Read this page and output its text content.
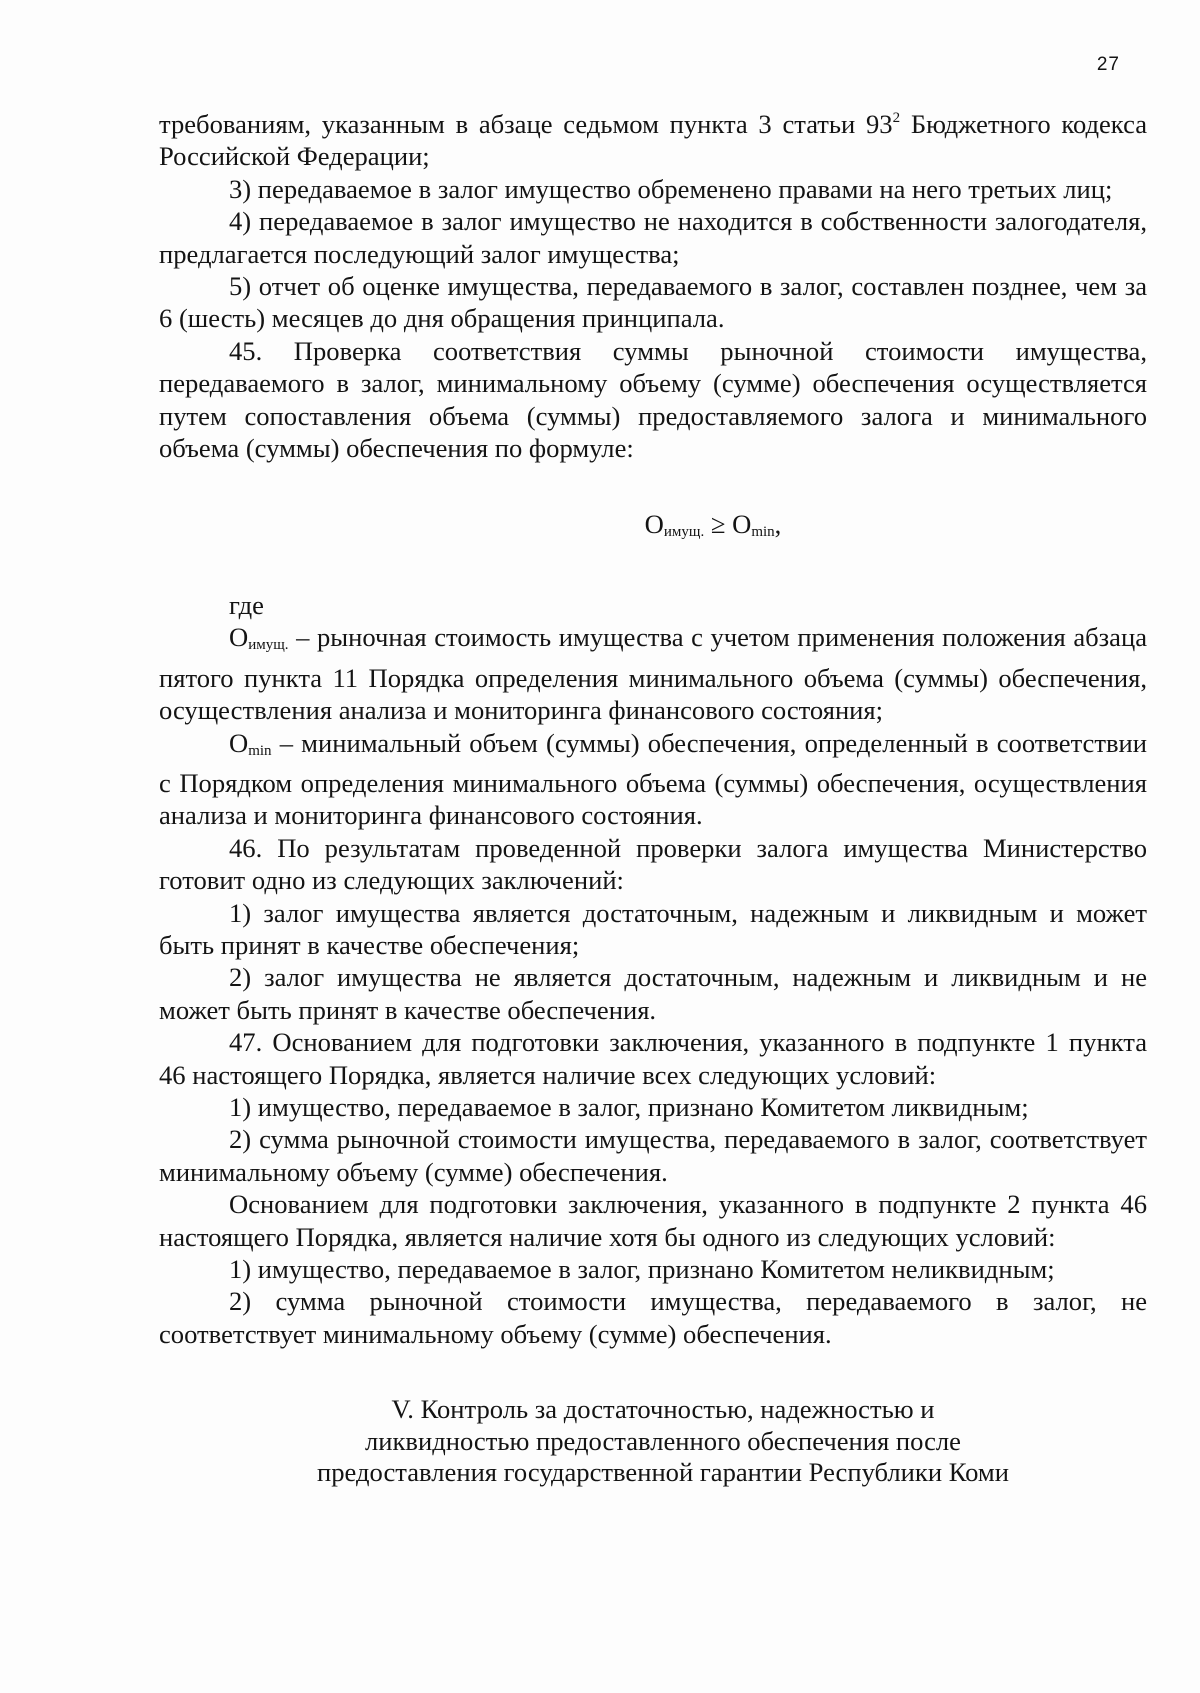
27

требованиям, указанным в абзаце седьмом пункта 3 статьи $93^2$ Бюджетного кодекса Российской Федерации;

3) передаваемое в залог имущество обременено правами на него третьих лиц;

4) передаваемое в залог имущество не находится в собственности залогодателя, предлагается последующий залог имущества;

5) отчет об оценке имущества, передаваемого в залог, составлен позднее, чем за 6 (шесть) месяцев до дня обращения принципала.

45. Проверка соответствия суммы рыночной стоимости имущества, передаваемого в залог, минимальному объему (сумме) обеспечения осуществляется путем сопоставления объема (суммы) предоставляемого залога и минимального объема (суммы) обеспечения по формуле:

$O_{имущ.} \ge O_{min}$,

где

$O_{имущ.}$ – рыночная стоимость имущества с учетом применения положения абзаца пятого пункта 11 Порядка определения минимального объема (суммы) обеспечения, осуществления анализа и мониторинга финансового состояния;

$O_{min}$ – минимальный объем (суммы) обеспечения, определенный в соответствии с Порядком определения минимального объема (суммы) обеспечения, осуществления анализа и мониторинга финансового состояния.

46. По результатам проведенной проверки залога имущества Министерство готовит одно из следующих заключений:

1) залог имущества является достаточным, надежным и ликвидным и может быть принят в качестве обеспечения;

2) залог имущества не является достаточным, надежным и ликвидным и не может быть принят в качестве обеспечения.

47. Основанием для подготовки заключения, указанного в подпункте 1 пункта 46 настоящего Порядка, является наличие всех следующих условий:

1) имущество, передаваемое в залог, признано Комитетом ликвидным;

2) сумма рыночной стоимости имущества, передаваемого в залог, соответствует минимальному объему (сумме) обеспечения.

Основанием для подготовки заключения, указанного в подпункте 2 пункта 46 настоящего Порядка, является наличие хотя бы одного из следующих условий:

1) имущество, передаваемое в залог, признано Комитетом неликвидным;

2) сумма рыночной стоимости имущества, передаваемого в залог, не соответствует минимальному объему (сумме) обеспечения.

V. Контроль за достаточностью, надежностью и
ликвидностью предоставленного обеспечения после
предоставления государственной гарантии Республики Коми
